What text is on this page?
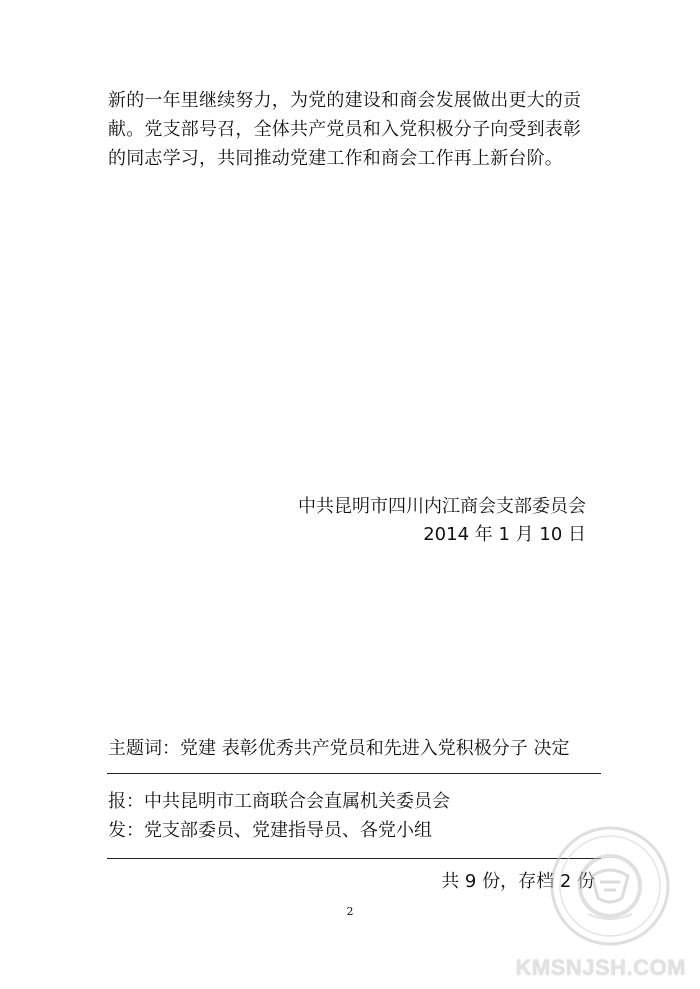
新的一年里继续努力，为党的建设和商会发展做出更大的贡

献。党支部号召，全体共产党员和入党积极分子向受到表彰

的同志学习，共同推动党建工作和商会工作再上新台阶。

中共昆明市四川内江商会支部委员会
2014 年 1 月 10 日
主题词：党建 表彰优秀共产党员和先进入党积极分子 决定
报：中共昆明市工商联合会直属机关委员会
发：党支部委员、党建指导员、各党小组
共 9 份，存档 2 份
2
KMSNJSH.COM
